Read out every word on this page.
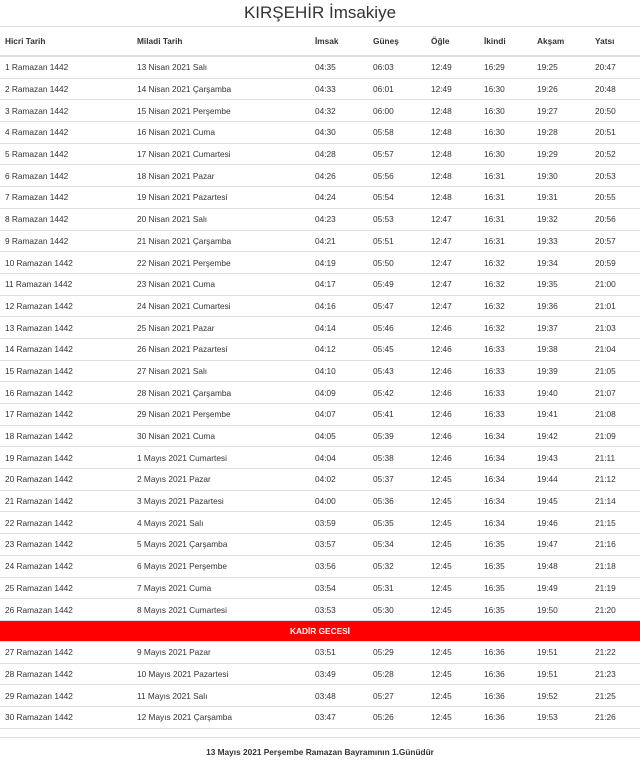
KIRŞEHİR İmsakiye
Hicri Tarih	Miladi Tarih	İmsak	Güneş	Öğle	İkindi	Akşam	Yatsı
1 Ramazan 1442	13 Nisan 2021 Salı	04:35	06:03	12:49	16:29	19:25	20:47
2 Ramazan 1442	14 Nisan 2021 Çarşamba	04:33	06:01	12:49	16:30	19:26	20:48
3 Ramazan 1442	15 Nisan 2021 Perşembe	04:32	06:00	12:48	16:30	19:27	20:50
4 Ramazan 1442	16 Nisan 2021 Cuma	04:30	05:58	12:48	16:30	19:28	20:51
5 Ramazan 1442	17 Nisan 2021 Cumartesi	04:28	05:57	12:48	16:30	19:29	20:52
6 Ramazan 1442	18 Nisan 2021 Pazar	04:26	05:56	12:48	16:31	19:30	20:53
7 Ramazan 1442	19 Nisan 2021 Pazartesi	04:24	05:54	12:48	16:31	19:31	20:55
8 Ramazan 1442	20 Nisan 2021 Salı	04:23	05:53	12:47	16:31	19:32	20:56
9 Ramazan 1442	21 Nisan 2021 Çarşamba	04:21	05:51	12:47	16:31	19:33	20:57
10 Ramazan 1442	22 Nisan 2021 Perşembe	04:19	05:50	12:47	16:32	19:34	20:59
11 Ramazan 1442	23 Nisan 2021 Cuma	04:17	05:49	12:47	16:32	19:35	21:00
12 Ramazan 1442	24 Nisan 2021 Cumartesi	04:16	05:47	12:47	16:32	19:36	21:01
13 Ramazan 1442	25 Nisan 2021 Pazar	04:14	05:46	12:46	16:32	19:37	21:03
14 Ramazan 1442	26 Nisan 2021 Pazartesi	04:12	05:45	12:46	16:33	19:38	21:04
15 Ramazan 1442	27 Nisan 2021 Salı	04:10	05:43	12:46	16:33	19:39	21:05
16 Ramazan 1442	28 Nisan 2021 Çarşamba	04:09	05:42	12:46	16:33	19:40	21:07
17 Ramazan 1442	29 Nisan 2021 Perşembe	04:07	05:41	12:46	16:33	19:41	21:08
18 Ramazan 1442	30 Nisan 2021 Cuma	04:05	05:39	12:46	16:34	19:42	21:09
19 Ramazan 1442	1 Mayıs 2021 Cumartesi	04:04	05:38	12:46	16:34	19:43	21:11
20 Ramazan 1442	2 Mayıs 2021 Pazar	04:02	05:37	12:45	16:34	19:44	21:12
21 Ramazan 1442	3 Mayıs 2021 Pazartesi	04:00	05:36	12:45	16:34	19:45	21:14
22 Ramazan 1442	4 Mayıs 2021 Salı	03:59	05:35	12:45	16:34	19:46	21:15
23 Ramazan 1442	5 Mayıs 2021 Çarşamba	03:57	05:34	12:45	16:35	19:47	21:16
24 Ramazan 1442	6 Mayıs 2021 Perşembe	03:56	05:32	12:45	16:35	19:48	21:18
25 Ramazan 1442	7 Mayıs 2021 Cuma	03:54	05:31	12:45	16:35	19:49	21:19
26 Ramazan 1442	8 Mayıs 2021 Cumartesi	03:53	05:30	12:45	16:35	19:50	21:20
KADİR GECESİ							
27 Ramazan 1442	9 Mayıs 2021 Pazar	03:51	05:29	12:45	16:36	19:51	21:22
28 Ramazan 1442	10 Mayıs 2021 Pazartesi	03:49	05:28	12:45	16:36	19:51	21:23
29 Ramazan 1442	11 Mayıs 2021 Salı	03:48	05:27	12:45	16:36	19:52	21:25
30 Ramazan 1442	12 Mayıs 2021 Çarşamba	03:47	05:26	12:45	16:36	19:53	21:26

13 Mayıs 2021 Perşembe Ramazan Bayramının 1.Günüdür							
